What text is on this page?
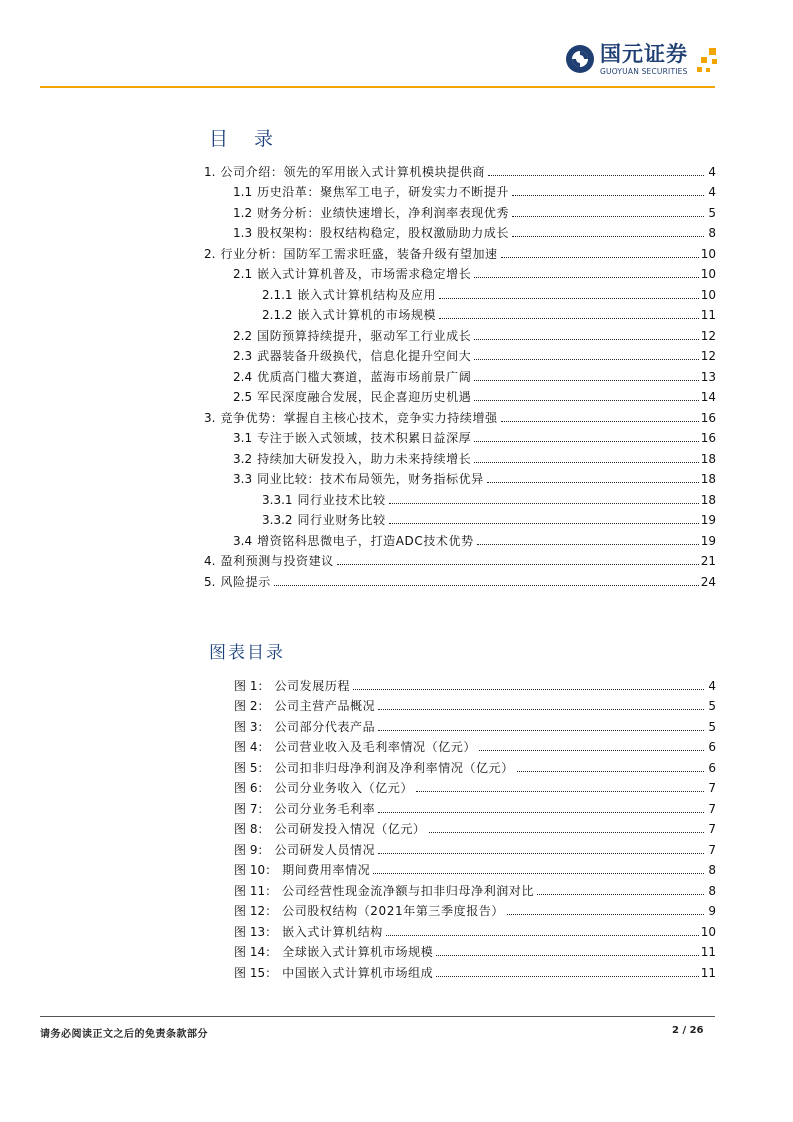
国元证券
GUOYUAN SECURITIES
目 录
1. 公司介绍：领先的军用嵌入式计算机模块提供商	4
1.1 历史沿革：聚焦军工电子，研发实力不断提升	4
1.2 财务分析：业绩快速增长，净利润率表现优秀	5
1.3 股权架构：股权结构稳定，股权激励助力成长	8
2. 行业分析：国防军工需求旺盛，装备升级有望加速	10
2.1 嵌入式计算机普及，市场需求稳定增长	10
2.1.1 嵌入式计算机结构及应用	10
2.1.2 嵌入式计算机的市场规模	11
2.2 国防预算持续提升，驱动军工行业成长	12
2.3 武器装备升级换代，信息化提升空间大	12
2.4 优质高门槛大赛道，蓝海市场前景广阔	13
2.5 军民深度融合发展，民企喜迎历史机遇	14
3. 竞争优势：掌握自主核心技术，竞争实力持续增强	16
3.1 专注于嵌入式领域，技术积累日益深厚	16
3.2 持续加大研发投入，助力未来持续增长	18
3.3 同业比较：技术布局领先，财务指标优异	18
3.3.1 同行业技术比较	18
3.3.2 同行业财务比较	19
3.4 增资铭科思微电子，打造ADC技术优势	19
4. 盈利预测与投资建议	21
5. 风险提示	24
图表目录
图 1： 公司发展历程	4
图 2： 公司主营产品概况	5
图 3： 公司部分代表产品	5
图 4： 公司营业收入及毛利率情况（亿元）	6
图 5： 公司扣非归母净利润及净利率情况（亿元）	6
图 6： 公司分业务收入（亿元）	7
图 7： 公司分业务毛利率	7
图 8： 公司研发投入情况（亿元）	7
图 9： 公司研发人员情况	7
图 10： 期间费用率情况	8
图 11： 公司经营性现金流净额与扣非归母净利润对比	8
图 12： 公司股权结构（2021年第三季度报告）	9
图 13： 嵌入式计算机结构	10
图 14： 全球嵌入式计算机市场规模	11
图 15： 中国嵌入式计算机市场组成	11
请务必阅读正文之后的免责条款部分	2 / 26
